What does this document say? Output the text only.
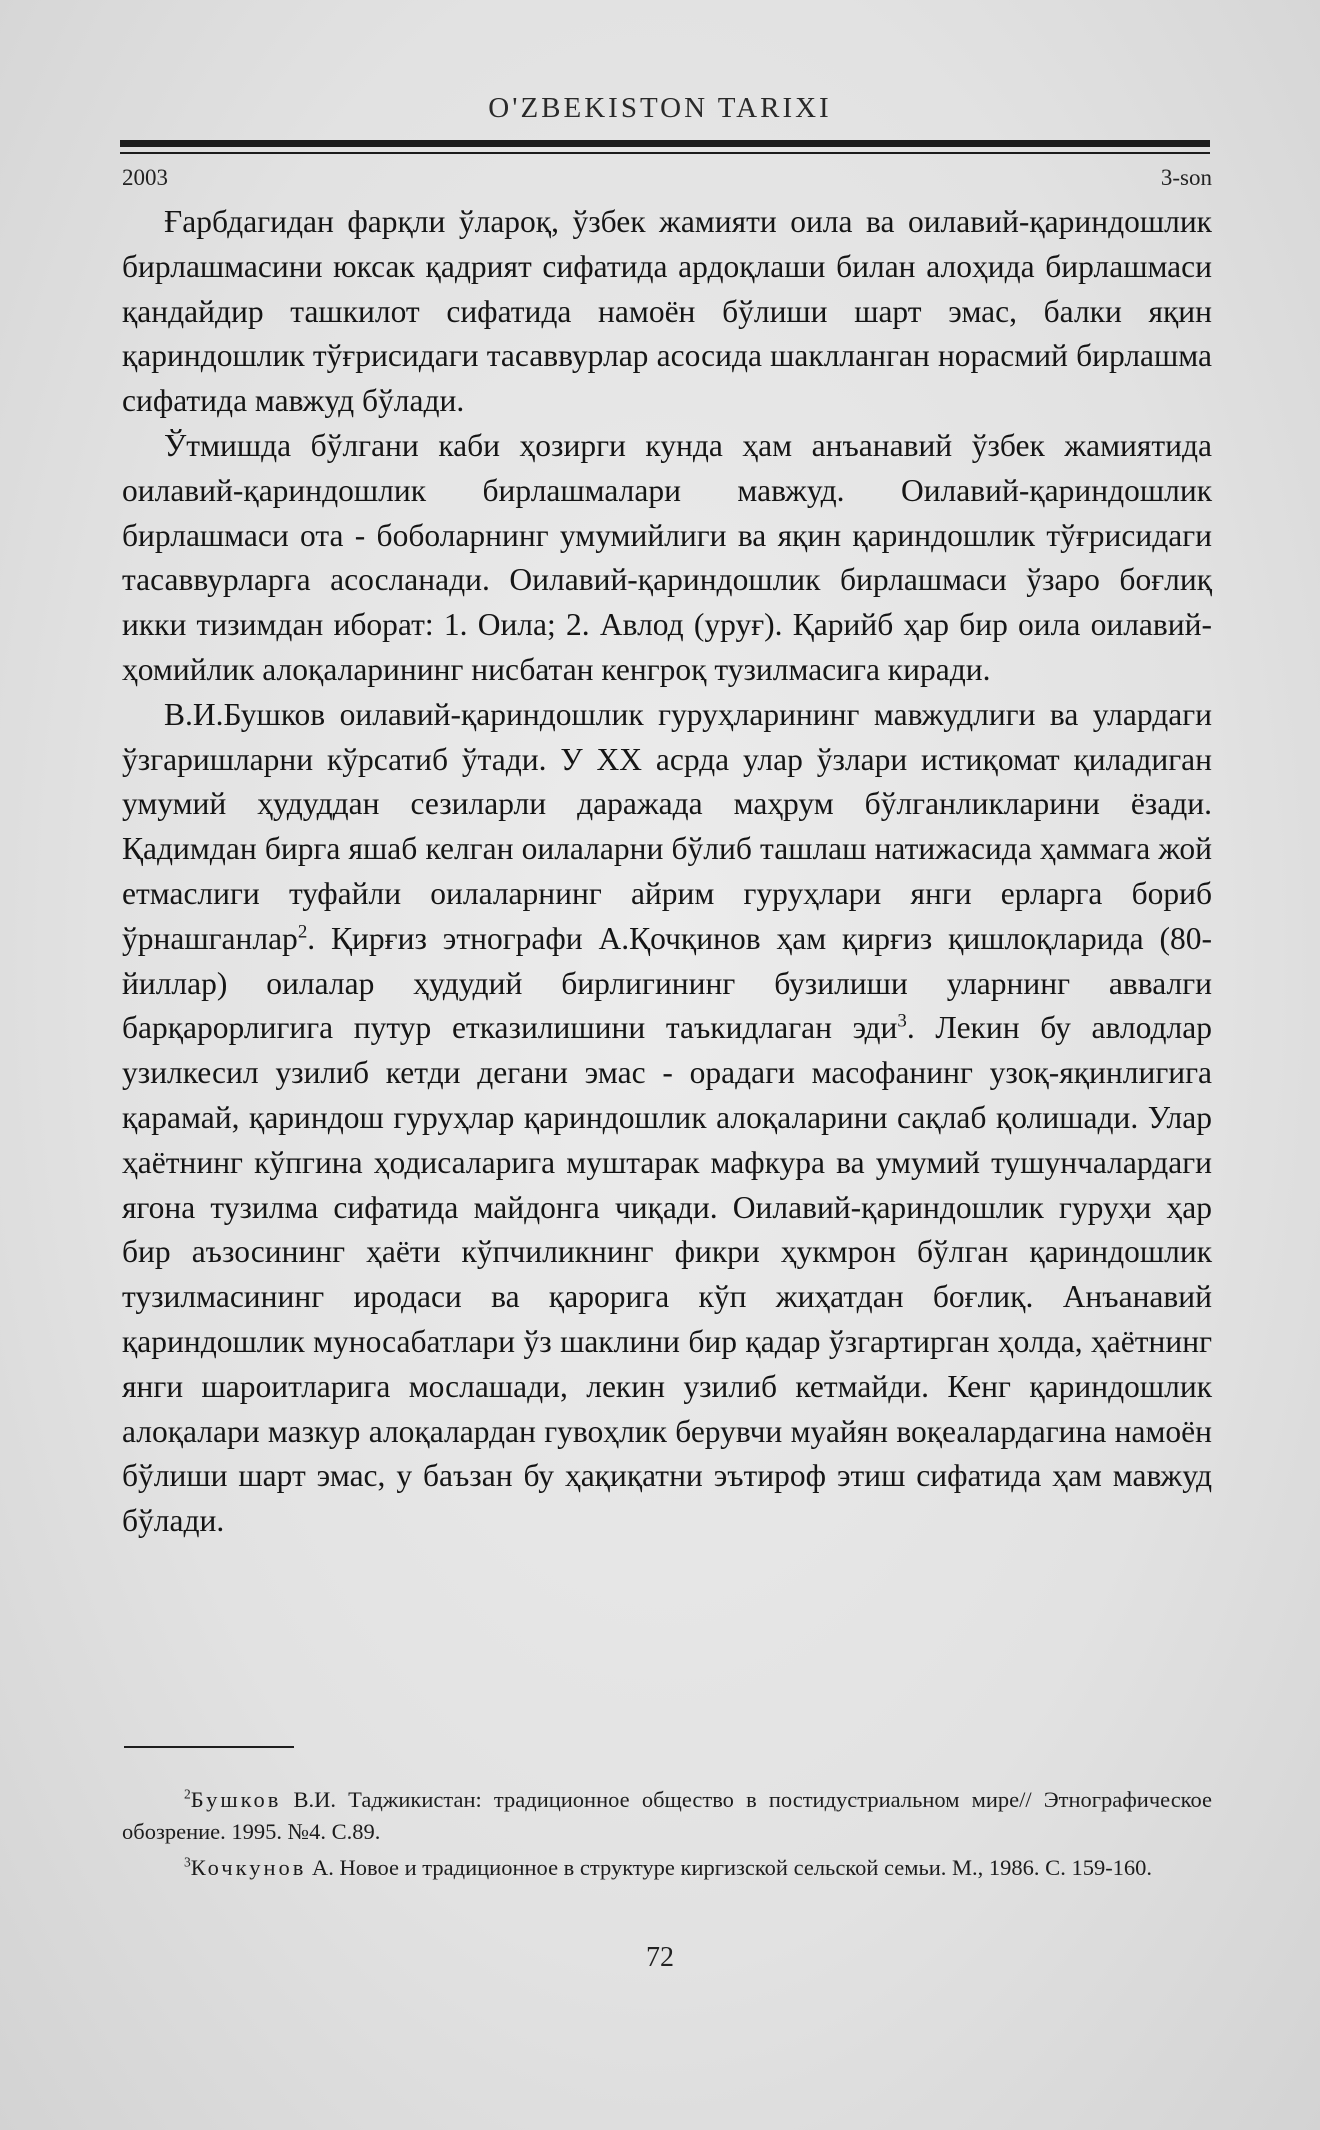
O'ZBEKISTON TARIXI
2003	3-son

Ғарбдагидан фарқли ўлароқ, ўзбек жамияти оила ва оилавий-қариндошлик бирлашмасини юксак қадрият сифатида ардоқлаши билан алоҳида бирлашмаси қандайдир ташкилот сифатида намоён бўлиши шарт эмас, балки яқин қариндошлик тўғрисидаги тасаввурлар асосида шаклланган норасмий бирлашма сифатида мавжуд бўлади.

Ўтмишда бўлгани каби ҳозирги кунда ҳам анъанавий ўзбек жамиятида оилавий-қариндошлик бирлашмалари мавжуд. Оилавий-қариндошлик бирлашмаси ота - боболарнинг умумийлиги ва яқин қариндошлик тўғрисидаги тасаввурларга асосланади. Оилавий-қариндошлик бирлашмаси ўзаро боғлиқ икки тизимдан иборат: 1. Оила; 2. Авлод (уруғ). Қарийб ҳар бир оила оилавий-ҳомийлик алоқаларининг нисбатан кенгроқ тузилмасига киради.

В.И.Бушков оилавий-қариндошлик гуруҳларининг мавжудлиги ва улардаги ўзгаришларни кўрсатиб ўтади. У XX асрда улар ўзлари истиқомат қиладиган умумий ҳудуддан сезиларли даражада маҳрум бўлганликларини ёзади. Қадимдан бирга яшаб келган оилаларни бўлиб ташлаш натижасида ҳаммага жой етмаслиги туфайли оилаларнинг айрим гуруҳлари янги ерларга бориб ўрнашганлар$^2$. Қирғиз этнографи А.Қочқинов ҳам қирғиз қишлоқларида (80-йиллар) оилалар ҳудудий бирлигининг бузилиши уларнинг аввалги барқарорлигига путур етказилишини таъкидлаган эди$^3$. Лекин бу авлодлар узилкесил узилиб кетди дегани эмас - орадаги масофанинг узоқ-яқинлигига қарамай, қариндош гуруҳлар қариндошлик алоқаларини сақлаб қолишади. Улар ҳаётнинг кўпгина ҳодисаларига муштарак мафкура ва умумий тушунчалардаги ягона тузилма сифатида майдонга чиқади. Оилавий-қариндошлик гуруҳи ҳар бир аъзосининг ҳаёти кўпчиликнинг фикри ҳукмрон бўлган қариндошлик тузилмасининг иродаси ва қарорига кўп жиҳатдан боғлиқ. Анъанавий қариндошлик муносабатлари ўз шаклини бир қадар ўзгартирган ҳолда, ҳаётнинг янги шароитларига мослашади, лекин узилиб кетмайди. Кенг қариндошлик алоқалари мазкур алоқалардан гувоҳлик берувчи муайян воқеалардагина намоён бўлиши шарт эмас, у баъзан бу ҳақиқатни эътироф этиш сифатида ҳам мавжуд бўлади.

$^2$Бушков В.И. Таджикистан: традиционное общество в постидустриальном мире// Этнографическое обозрение. 1995. №4. С.89.

$^3$Кочкунов А. Новое и традиционное в структуре киргизской сельской семьи. М., 1986. С. 159-160.

72
